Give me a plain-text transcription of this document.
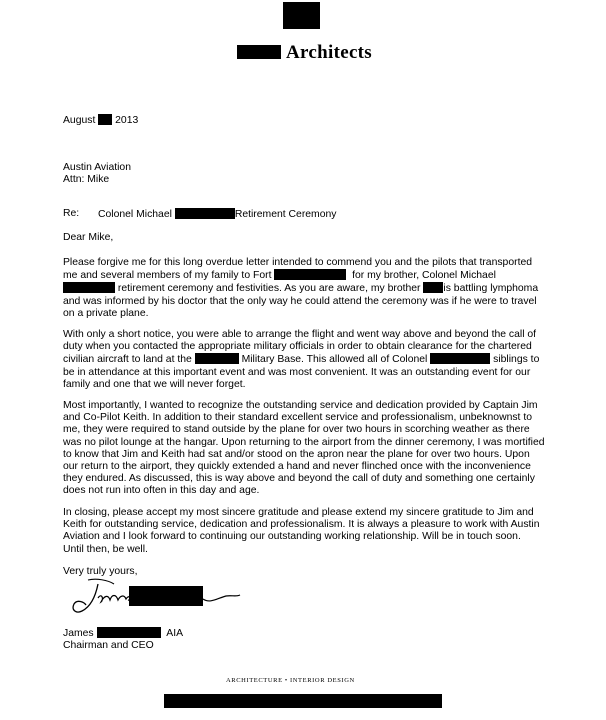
Architects
August 2013
Austin Aviation
Attn: Mike
Re: Colonel Michael	Retirement Ceremony
Dear Mike,
Please forgive me for this long overdue letter intended to commend you and the pilots that transported
me and several members of my family to Fort	for my brother, Colonel Michael
retirement ceremony and festivities. As you are aware, my brother is battling lymphoma
and was informed by his doctor that the only way he could attend the ceremony was if he were to travel
on a private plane.
With only a short notice, you were able to arrange the flight and went way above and beyond the call of
duty when you contacted the appropriate military officials in order to obtain clearance for the chartered
civilian aircraft to land at the	Military Base. This allowed all of Colonel	siblings to
be in attendance at this important event and was most convenient. It was an outstanding event for our
family and one that we will never forget.
Most importantly, I wanted to recognize the outstanding service and dedication provided by Captain Jim
and Co-Pilot Keith. In addition to their standard excellent service and professionalism, unbeknownst to
me, they were required to stand outside by the plane for over two hours in scorching weather as there
was no pilot lounge at the hangar. Upon returning to the airport from the dinner ceremony, I was mortified
to know that Jim and Keith had sat and/or stood on the apron near the plane for over two hours. Upon
our return to the airport, they quickly extended a hand and never flinched once with the inconvenience
they endured. As discussed, this is way above and beyond the call of duty and something one certainly
does not run into often in this day and age.
In closing, please accept my most sincere gratitude and please extend my sincere gratitude to Jim and
Keith for outstanding service, dedication and professionalism. It is always a pleasure to work with Austin
Aviation and I look forward to continuing our outstanding working relationship. Will be in touch soon.
Until then, be well.
Very truly yours,
James	AIA
Chairman and CEO
ARCHITECTURE • INTERIOR DESIGN
